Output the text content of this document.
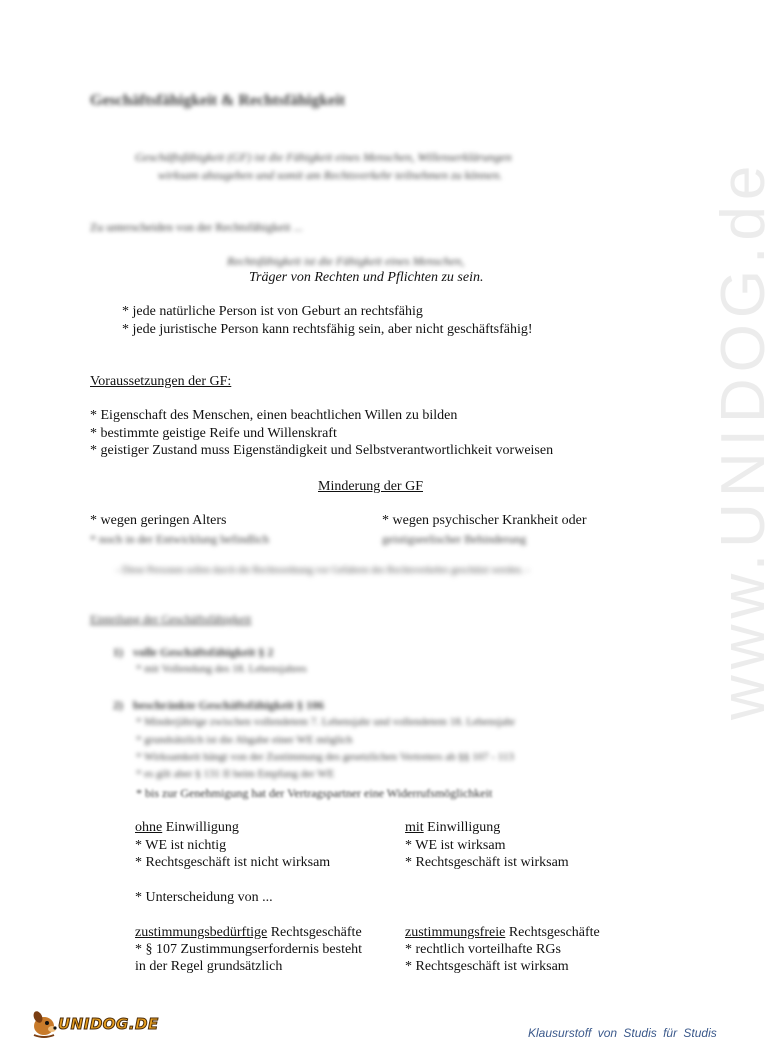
www.UNIDOG.de
Geschäftsfähigkeit & Rechtsfähigkeit
Geschäftsfähigkeit (GF) ist die Fähigkeit eines Menschen, Willenserklärungen
wirksam abzugeben und somit am Rechtsverkehr teilnehmen zu können.
Zu unterscheiden von der Rechtsfähigkeit ...
Rechtsfähigkeit ist die Fähigkeit eines Menschen,
Träger von Rechten und Pflichten zu sein.
* jede natürliche Person ist von Geburt an rechtsfähig
* jede juristische Person kann rechtsfähig sein, aber nicht geschäftsfähig!
Voraussetzungen der GF:
* Eigenschaft des Menschen, einen beachtlichen Willen zu bilden
* bestimmte geistige Reife und Willenskraft
* geistiger Zustand muss Eigenständigkeit und Selbstverantwortlichkeit vorweisen
Minderung der GF
* wegen geringen Alters
* noch in der Entwicklung befindlich
* wegen psychischer Krankheit oder
geistigseelischer Behinderung
- Diese Personen sollen durch die Rechtsordnung vor Gefahren des Rechtsverkehrs geschützt werden. -
Einteilung der Geschäftsfähigkeit
1) volle Geschäftsfähigkeit § 2
* mit Vollendung des 18. Lebensjahres
2) beschränkte Geschäftsfähigkeit § 106
* Minderjährige zwischen vollendetem 7. Lebensjahr und vollendetem 18. Lebensjahr
* grundsätzlich ist die Abgabe einer WE möglich
* Wirksamkeit hängt von der Zustimmung des gesetzlichen Vertreters ab §§ 107 - 113
* es gilt aber § 131 II beim Empfang der WE
* bis zur Genehmigung hat der Vertragspartner eine Widerrufsmöglichkeit
ohne Einwilligung
* WE ist nichtig
* Rechtsgeschäft ist nicht wirksam
mit Einwilligung
* WE ist wirksam
* Rechtsgeschäft ist wirksam
* Unterscheidung von ...
zustimmungsbedürftige Rechtsgeschäfte
* § 107 Zustimmungserfordernis besteht
in der Regel grundsätzlich
zustimmungsfreie Rechtsgeschäfte
* rechtlich vorteilhafte RGs
* Rechtsgeschäft ist wirksam
UNIDOG.DE	Klausurstoff von Studis für Studis
